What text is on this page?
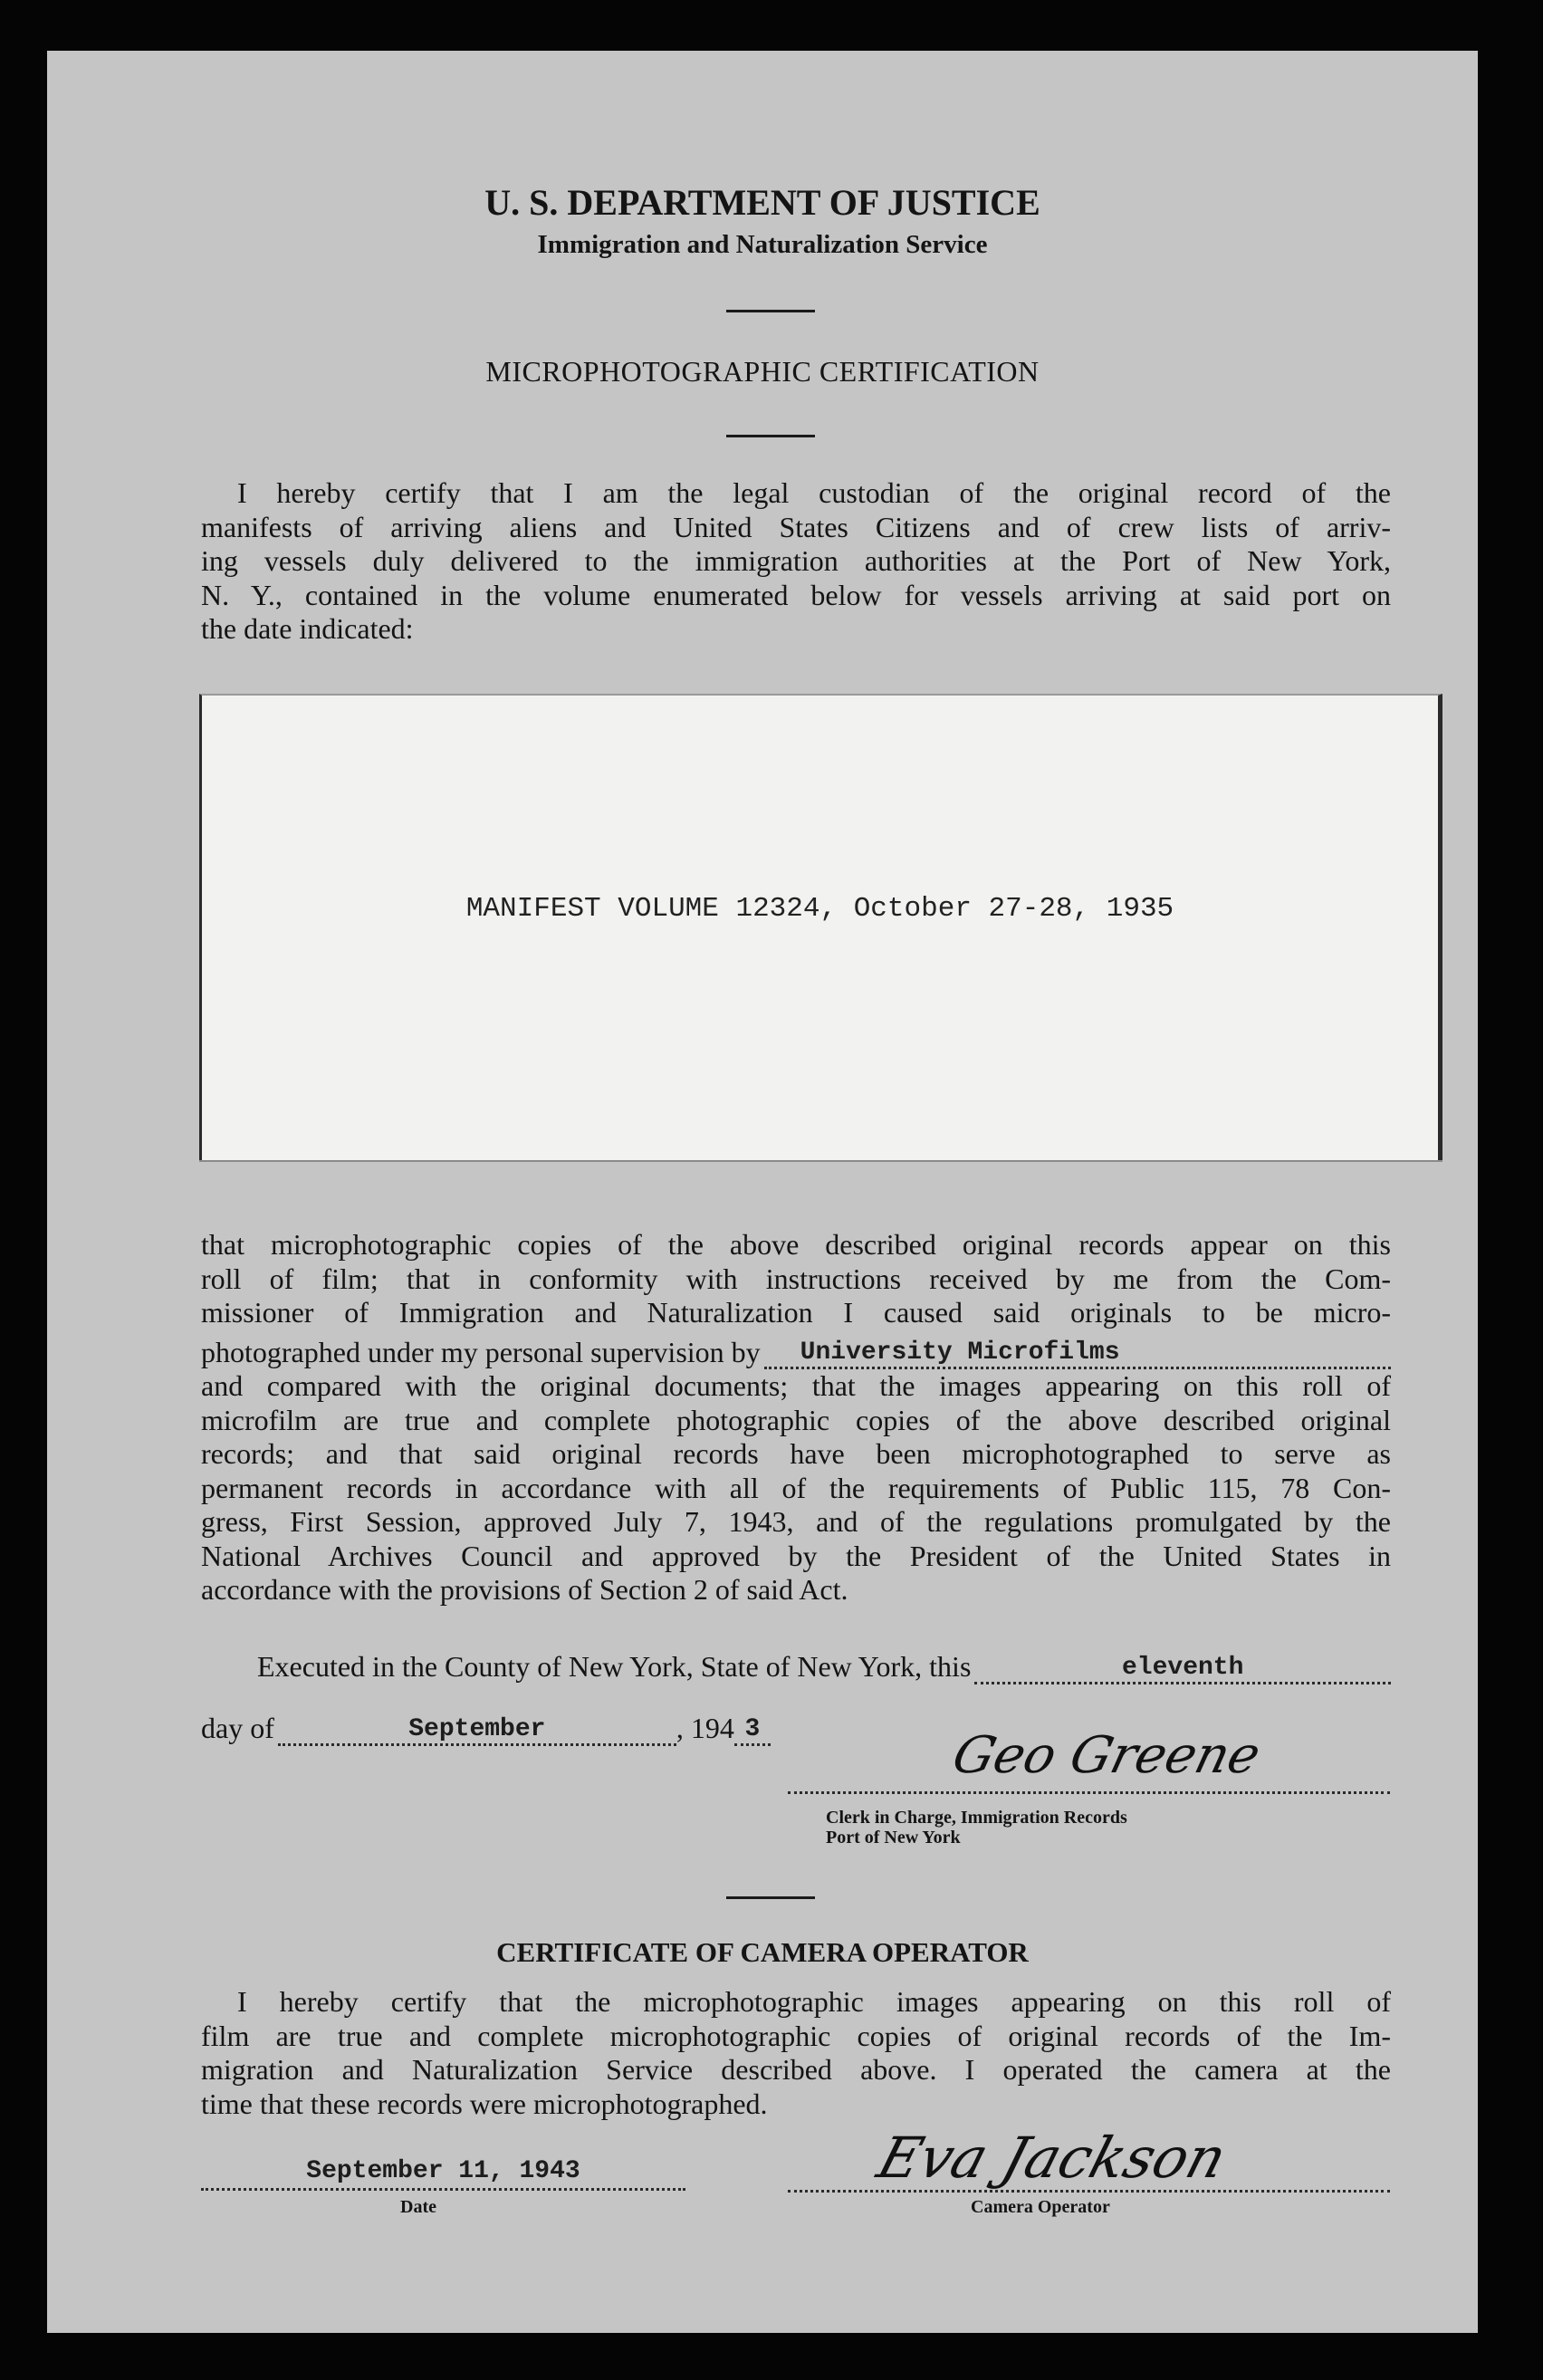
U. S. DEPARTMENT OF JUSTICE
Immigration and Naturalization Service
MICROPHOTOGRAPHIC CERTIFICATION
I hereby certify that I am the legal custodian of the original record of the
manifests of arriving aliens and United States Citizens and of crew lists of arriv-
ing vessels duly delivered to the immigration authorities at the Port of New York,
N. Y., contained in the volume enumerated below for vessels arriving at said port on
the date indicated:
MANIFEST VOLUME 12324, October 27-28, 1935
that microphotographic copies of the above described original records appear on this
roll of film; that in conformity with instructions received by me from the Com-
missioner of Immigration and Naturalization I caused said originals to be micro-
photographed under my personal supervision by	University Microfilms
and compared with the original documents; that the images appearing on this roll of
microfilm are true and complete photographic copies of the above described original
records; and that said original records have been microphotographed to serve as
permanent records in accordance with all of the requirements of Public 115, 78 Con-
gress, First Session, approved July 7, 1943, and of the regulations promulgated by the
National Archives Council and approved by the President of the United States in
accordance with the provisions of Section 2 of said Act.
Executed in the County of New York, State of New York, this	eleventh
day of	September	, 194 3	Geo Greene
Clerk in Charge, Immigration Records
Port of New York
CERTIFICATE OF CAMERA OPERATOR
I hereby certify that the microphotographic images appearing on this roll of
film are true and complete microphotographic copies of original records of the Im-
migration and Naturalization Service described above. I operated the camera at the
time that these records were microphotographed.
September 11, 1943
Date
Eva Jackson
Camera Operator
